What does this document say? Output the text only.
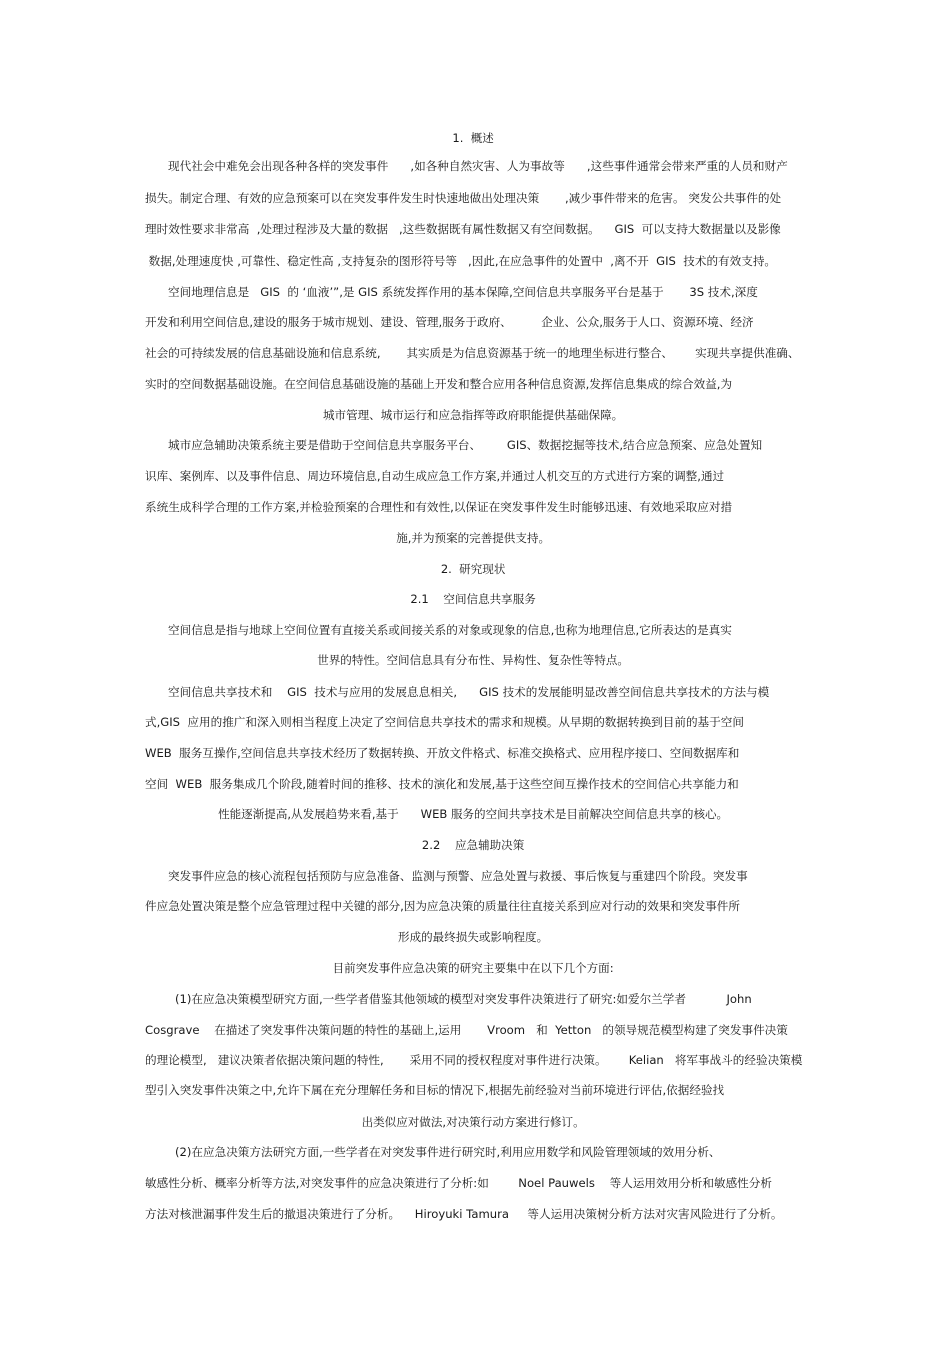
1.  概述
现代社会中难免会出现各种各样的突发事件      ,如各种自然灾害、人为事故等      ,这些事件通常会带来严重的人员和财产
损失。制定合理、有效的应急预案可以在突发事件发生时快速地做出处理决策       ,减少事件带来的危害。 突发公共事件的处
理时效性要求非常高  ,处理过程涉及大量的数据   ,这些数据既有属性数据又有空间数据。    GIS  可以支持大数据量以及影像
数据,处理速度快 ,可靠性、稳定性高 ,支持复杂的图形符号等   ,因此,在应急事件的处置中  ,离不开  GIS  技术的有效支持。
空间地理信息是   GIS  的 ‘血液’”,是 GIS 系统发挥作用的基本保障,空间信息共享服务平台是基于       3S 技术,深度
开发和利用空间信息,建设的服务于城市规划、建设、管理,服务于政府、        企业、公众,服务于人口、资源环境、经济
社会的可持续发展的信息基础设施和信息系统,       其实质是为信息资源基于统一的地理坐标进行整合、      实现共享提供准确、
实时的空间数据基础设施。在空间信息基础设施的基础上开发和整合应用各种信息资源,发挥信息集成的综合效益,为
城市管理、城市运行和应急指挥等政府职能提供基础保障。
城市应急辅助决策系统主要是借助于空间信息共享服务平台、       GIS、数据挖掘等技术,结合应急预案、应急处置知
识库、案例库、以及事件信息、周边环境信息,自动生成应急工作方案,并通过人机交互的方式进行方案的调整,通过
系统生成科学合理的工作方案,并检验预案的合理性和有效性,以保证在突发事件发生时能够迅速、有效地采取应对措
施,并为预案的完善提供支持。
2.  研究现状
2.1    空间信息共享服务
空间信息是指与地球上空间位置有直接关系或间接关系的对象或现象的信息,也称为地理信息,它所表达的是真实
世界的特性。空间信息具有分布性、异构性、复杂性等特点。
空间信息共享技术和    GIS  技术与应用的发展息息相关,      GIS 技术的发展能明显改善空间信息共享技术的方法与模
式,GIS  应用的推广和深入则相当程度上决定了空间信息共享技术的需求和规模。从早期的数据转换到目前的基于空间
WEB  服务互操作,空间信息共享技术经历了数据转换、开放文件格式、标准交换格式、应用程序接口、空间数据库和
空间  WEB  服务集成几个阶段,随着时间的推移、技术的演化和发展,基于这些空间互操作技术的空间信心共享能力和
性能逐渐提高,从发展趋势来看,基于      WEB 服务的空间共享技术是目前解决空间信息共享的核心。
2.2    应急辅助决策
突发事件应急的核心流程包括预防与应急准备、监测与预警、应急处置与救援、事后恢复与重建四个阶段。突发事
件应急处置决策是整个应急管理过程中关键的部分,因为应急决策的质量往往直接关系到应对行动的效果和突发事件所
形成的最终损失或影响程度。
目前突发事件应急决策的研究主要集中在以下几个方面:
(1)在应急决策模型研究方面,一些学者借鉴其他领域的模型对突发事件决策进行了研究:如爱尔兰学者           John
Cosgrave    在描述了突发事件决策问题的特性的基础上,运用       Vroom   和  Yetton   的领导规范模型构建了突发事件决策
的理论模型,   建议决策者依据决策问题的特性,       采用不同的授权程度对事件进行决策。      Kelian   将军事战斗的经验决策模
型引入突发事件决策之中,允许下属在充分理解任务和目标的情况下,根据先前经验对当前环境进行评估,依据经验找
出类似应对做法,对决策行动方案进行修订。
(2)在应急决策方法研究方面,一些学者在对突发事件进行研究时,利用应用数学和风险管理领域的效用分析、
敏感性分析、概率分析等方法,对突发事件的应急决策进行了分析:如        Noel Pauwels    等人运用效用分析和敏感性分析
方法对核泄漏事件发生后的撤退决策进行了分析。    Hiroyuki Tamura     等人运用决策树分析方法对灾害风险进行了分析。
